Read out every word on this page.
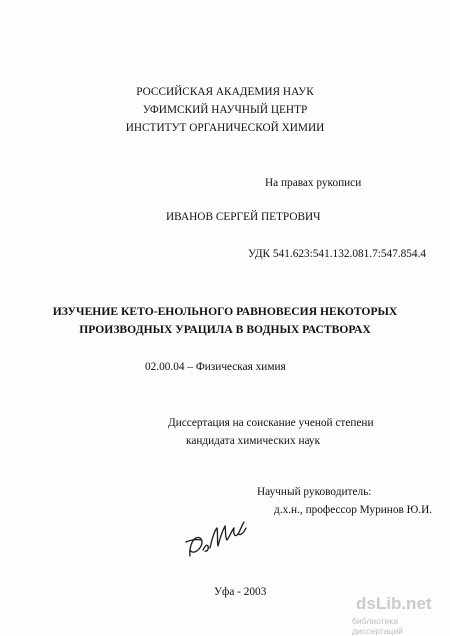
РОССИЙСКАЯ АКАДЕМИЯ НАУК
УФИМСКИЙ НАУЧНЫЙ ЦЕНТР
ИНСТИТУТ ОРГАНИЧЕСКОЙ ХИМИИ
На правах рукописи
ИВАНОВ СЕРГЕЙ ПЕТРОВИЧ
УДК 541.623:541.132.081.7:547.854.4
ИЗУЧЕНИЕ КЕТО-ЕНОЛЬНОГО РАВНОВЕСИЯ НЕКОТОРЫХ
ПРОИЗВОДНЫХ УРАЦИЛА В ВОДНЫХ РАСТВОРАХ
02.00.04 – Физическая химия
Диссертация на соискание ученой степени
кандидата химических наук
Научный руководитель:
д.х.н., профессор Муринов Ю.И.
Уфа - 2003
dsLib.net
библиотека диссертаций
